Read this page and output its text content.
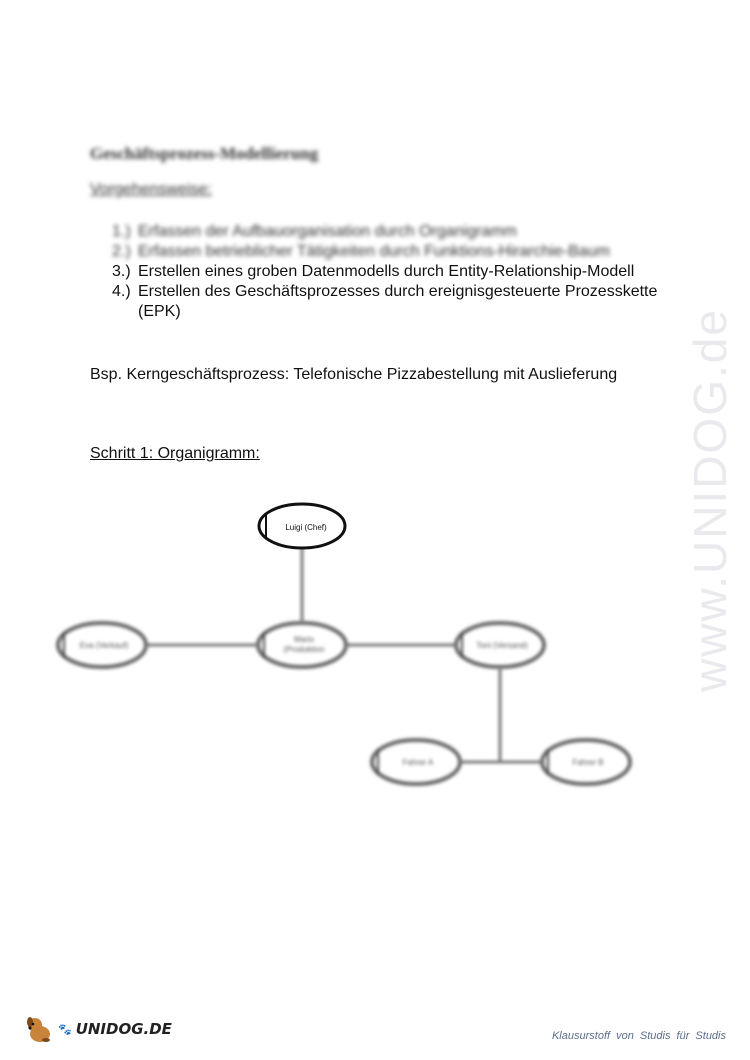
Geschäftsprozess-Modellierung
Vorgehensweise:
1.) Erfassen der Aufbauorganisation durch Organigramm
2.) Erfassen betrieblicher Tätigkeiten durch Funktions-Hirarchie-Baum
3.) Erstellen eines groben Datenmodells durch Entity-Relationship-Modell
4.) Erstellen des Geschäftsprozesses durch ereignisgesteuerte Prozesskette (EPK)
Bsp. Kerngeschäftsprozess: Telefonische Pizzabestellung mit Auslieferung
Schritt 1: Organigramm:
Luigi (Chef)
Eva (Verkauf)
Mario
(Produktion	Toni (Versand)
Fahrer A	Fahrer B
www.UNIDOG.de
🐾 UNIDOG.DE	Klausurstoff von Studis für Studis
